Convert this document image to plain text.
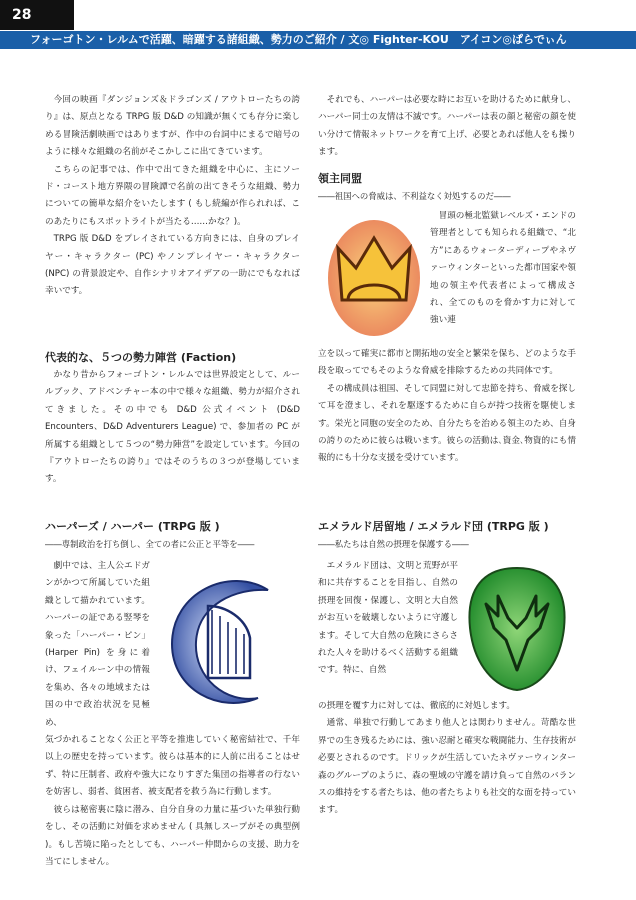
28
フォーゴトン・レルムで活躍、暗躍する諸組織、勢力のご紹介 / 文◎ Fighter-KOU　アイコン◎ぱらでぃん

今回の映画『ダンジョンズ＆ドラゴンズ / アウトローたちの誇り』は、原点となる TRPG 版 D&D の知識が無くても存分に楽しめる冒険活劇映画ではありますが、作中の台詞中にまるで暗号のように様々な組織の名前がそこかしこに出てきています。

こちらの記事では、作中で出てきた組織を中心に、主にソード・コースト地方界隈の冒険譚で名前の出てきそうな組織、勢力についての簡単な紹介をいたします ( もし続編が作られれば、このあたりにもスポットライトが当たる……かな？)。

TRPG 版 D&D をプレイされている方向きには、自身のプレイヤー・キャラクター (PC) やノンプレイヤー・キャラクター (NPC) の背景設定や、自作シナリオアイデアの一助にでもなれば幸いです。

代表的な、５つの勢力陣営 (Faction)

かなり昔からフォーゴトン・レルムでは世界設定として、ルールブック、アドベンチャー本の中で様々な組織、勢力が紹介されてきました。その中でも D&D 公式イベント (D&D Encounters、D&D Adventurers League) で、参加者の PC が所属する組織として５つの“勢力陣営”を設定しています。今回の『アウトローたちの誇り』ではそのうちの３つが登場しています。

ハーパーズ / ハーパー (TRPG 版 )

――専制政治を打ち倒し、全ての者に公正と平等を――

劇中では、主人公エドガンがかつて所属していた組織として描かれています。ハーパーの証である竪琴を象った「ハーパー・ピン」(Harper Pin) を身に着け、フェイルーン中の情報を集め、各々の地域または国の中で政治状況を見極め、

気づかれることなく公正と平等を推進していく秘密結社で、千年以上の歴史を持っています。彼らは基本的に人前に出ることはせず、特に圧制者、政府や強大になりすぎた集団の指導者の行ないを妨害し、弱者、貧困者、被支配者を救う為に行動します。

彼らは秘密裏に陰に潜み、自分自身の力量に基づいた単独行動をし、その活動に対価を求めません ( 具無しスープがその典型例 )。もし苦境に陥ったとしても、ハーパー仲間からの支援、助力を当てにしません。

それでも、ハーパーは必要な時にお互いを助けるために献身し、ハーパー同士の友情は不滅です。ハーパーは表の顔と秘密の顔を使い分けて情報ネットワークを育て上げ、必要とあれば他人をも操ります。

領主同盟

――祖国への脅威は、不利益なく対処するのだ――

冒頭の極北監獄レベルズ・エンドの管理者としても知られる組織で、“北方”にあるウォーターディープやネヴァーウィンターといった都市国家や領地の領主や代表者によって構成され、全てのものを脅かす力に対して強い連

立を以って確実に都市と開拓地の安全と繁栄を保ち、どのような手段を取ってでもそのような脅威を排除するための共同体です。

その構成員は祖国、そして同盟に対して忠節を持ち、脅威を探して耳を澄まし、それを駆逐するために自らが持つ技術を駆使します。栄光と同胞の安全のため、自分たちを治める領主のため、自身の誇りのために彼らは戦います。彼らの活動は､資金､物資的にも情報的にも十分な支援を受けています。

エメラルド居留地 / エメラルド団 (TRPG 版 )

――私たちは自然の摂理を保護する――

エメラルド団は、文明と荒野が平和に共存することを目指し、自然の摂理を回復・保護し、文明と大自然がお互いを破壊しないように守護します。そして大自然の危険にさらされた人々を助けるべく活動する組織です。特に、自然

の摂理を覆す力に対しては、徹底的に対処します。

通常、単独で行動してあまり他人とは関わりません。苛酷な世界での生き残るためには、強い忍耐と確実な戦闘能力、生存技術が必要とされるのです。ドリックが生活していたネヴァーウィンター森のグループのように、森の聖域の守護を請け負って自然のバランスの維持をする者たちは、他の者たちよりも社交的な面を持っています。
